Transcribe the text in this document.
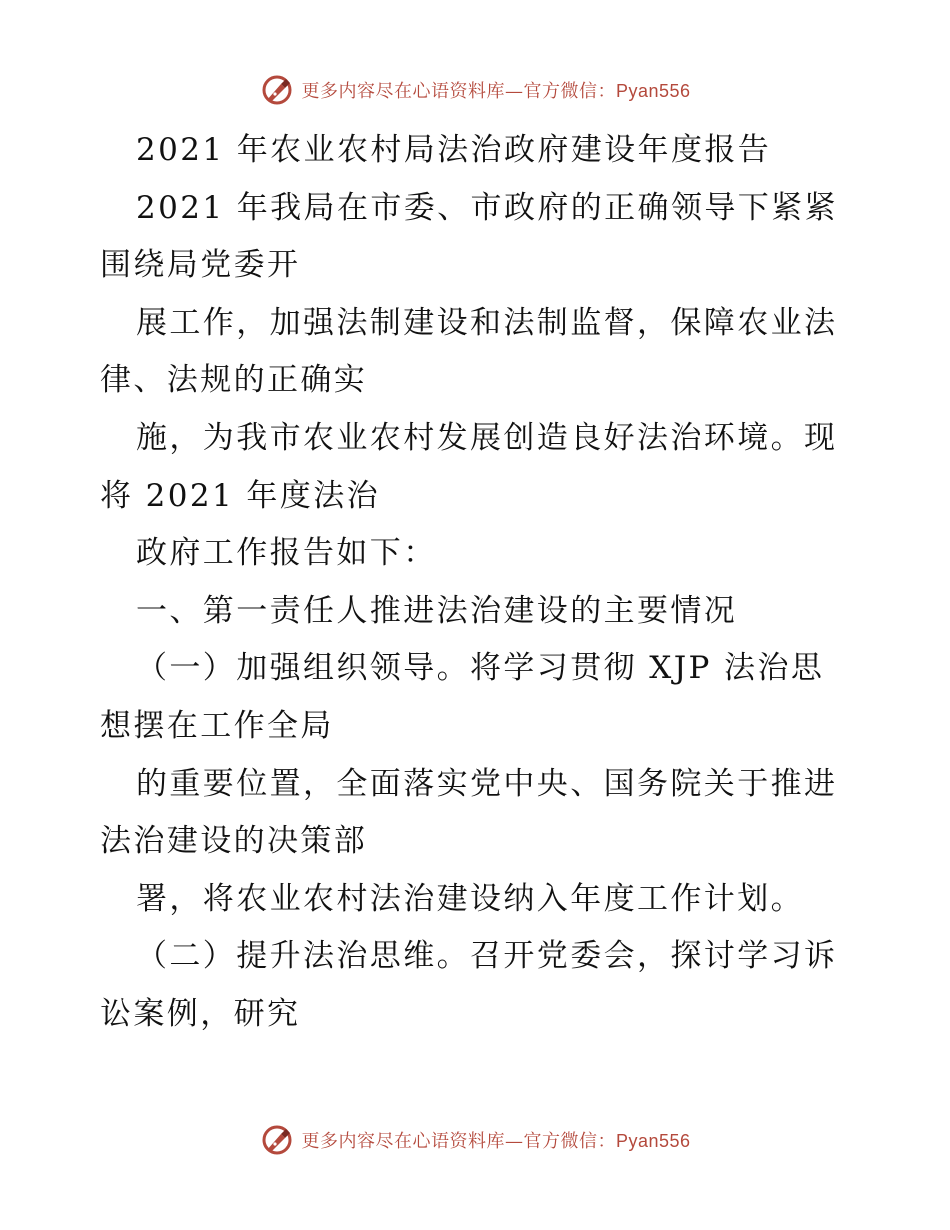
更多内容尽在心语资料库—官方微信：Pyan556
2021 年农业农村局法治政府建设年度报告
2021 年我局在市委、市政府的正确领导下紧紧
围绕局党委开
展工作，加强法制建设和法制监督，保障农业法
律、法规的正确实
施，为我市农业农村发展创造良好法治环境。现
将 2021 年度法治
政府工作报告如下：
一、第一责任人推进法治建设的主要情况
（一）加强组织领导。将学习贯彻 XJP 法治思
想摆在工作全局
的重要位置，全面落实党中央、国务院关于推进
法治建设的决策部
署，将农业农村法治建设纳入年度工作计划。
（二）提升法治思维。召开党委会，探讨学习诉
讼案例，研究
更多内容尽在心语资料库—官方微信：Pyan556
